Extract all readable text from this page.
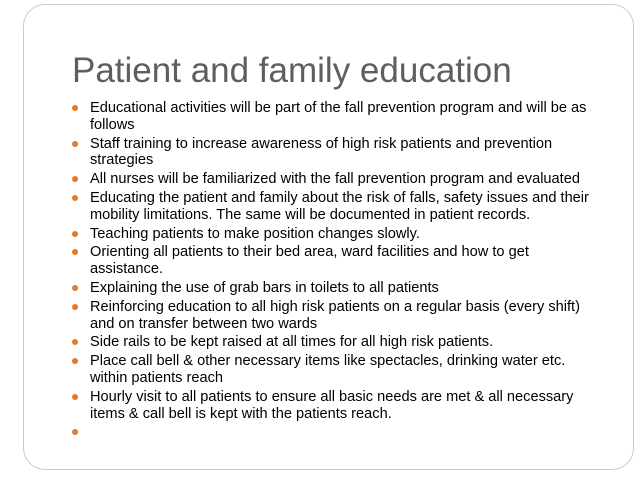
Patient and family education
Educational activities will be part of the fall prevention program and will be as follows
Staff training to increase awareness of high risk patients and prevention strategies
All nurses will be familiarized with the fall prevention program and evaluated
Educating the patient and family about the risk of falls, safety issues and their mobility limitations. The same will be documented in patient records.
Teaching patients to make position changes slowly.
Orienting all patients to their bed area, ward facilities and how to get assistance.
Explaining the use of grab bars in toilets to all patients
Reinforcing education to all high risk patients on a regular basis (every shift) and on transfer between two wards
Side rails to be kept raised at all times for all high risk patients.
Place call bell & other necessary items like spectacles, drinking water etc. within patients reach
Hourly visit to all patients to ensure all basic needs are met & all necessary items & call bell is kept with the patients reach.
